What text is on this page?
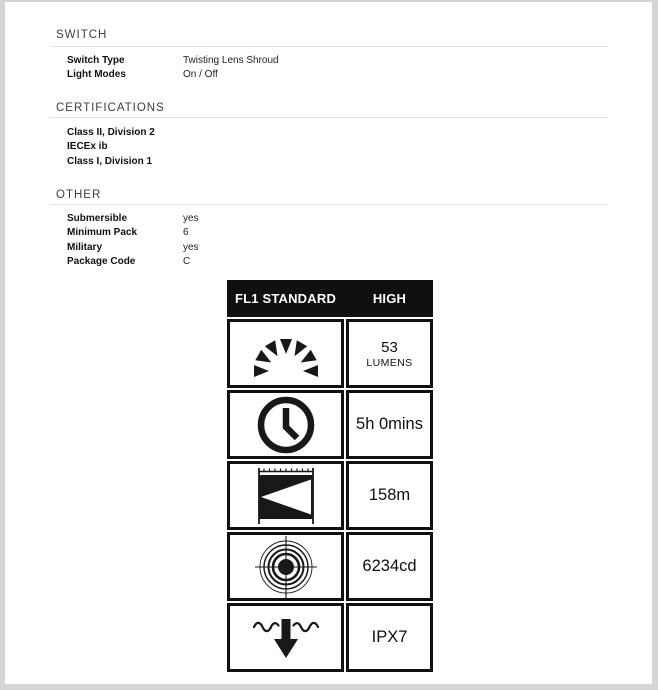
SWITCH
Switch Type	Twisting Lens Shroud
Light Modes	On / Off
CERTIFICATIONS
Class II, Division 2
IECEx ib
Class I, Division 1
OTHER
Submersible	yes
Minimum Pack	6
Military	yes
Package Code	C
FL1 STANDARD	HIGH
53
LUMENS
5h 0mins
158m
6234cd
IPX7
